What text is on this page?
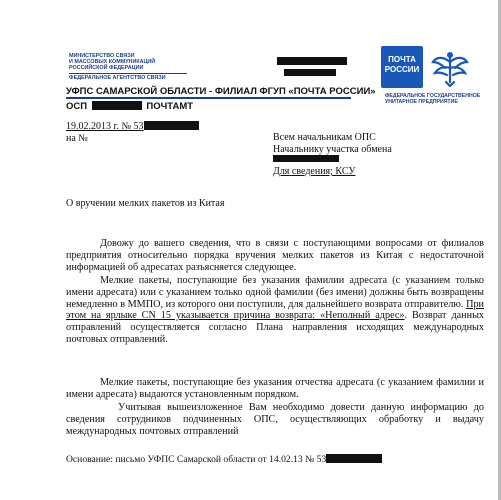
МИНИСТЕРСТВО СВЯЗИ
И МАССОВЫХ КОММУНИКАЦИЙ
РОССИЙСКОЙ ФЕДЕРАЦИИ
ФЕДЕРАЛЬНОЕ АГЕНТСТВО СВЯЗИ
УФПС САМАРСКОЙ ОБЛАСТИ - ФИЛИАЛ ФГУП «ПОЧТА РОССИИ»
ОСП	ПОЧТАМТ
ПОЧТА
РОССИИ
ФЕДЕРАЛЬНОЕ ГОСУДАРСТВЕННОЕ
УНИТАРНОЕ ПРЕДПРИЯТИЕ
19.02.2013 г. № 53
на №	Всем начальникам ОПС
Начальнику участка обмена
Для сведения; КСУ
О вручении мелких пакетов из Китая
Довожу до вашего сведения, что в связи с поступающими вопросами от филиалов предприятия относительно порядка вручения мелких пакетов из Китая с недостаточной информацией об адресатах разъясняется следующее.
Мелкие пакеты, поступающие без указания фамилии адресата (с указанием только имени адресата) или с указанием только одной фамилии (без имени) должны быть возвращены немедленно в ММПО, из которого они поступили, для дальнейшего возврата отправителю. При этом на ярлыке CN 15 указывается причина возврата: «Неполный адрес». Возврат данных отправлений осуществляется согласно Плана направления исходящих международных почтовых отправлений.
Мелкие пакеты, поступающие без указания отчества адресата (с указанием фамилии и имени адресата) выдаются установленным порядком.
Учитывая вышеизложенное Вам необходимо довести данную информацию до сведения сотрудников подчиненных ОПС, осуществляющих обработку и выдачу международных почтовых отправлений
Основание: письмо УФПС Самарской области от 14.02.13 № 53
